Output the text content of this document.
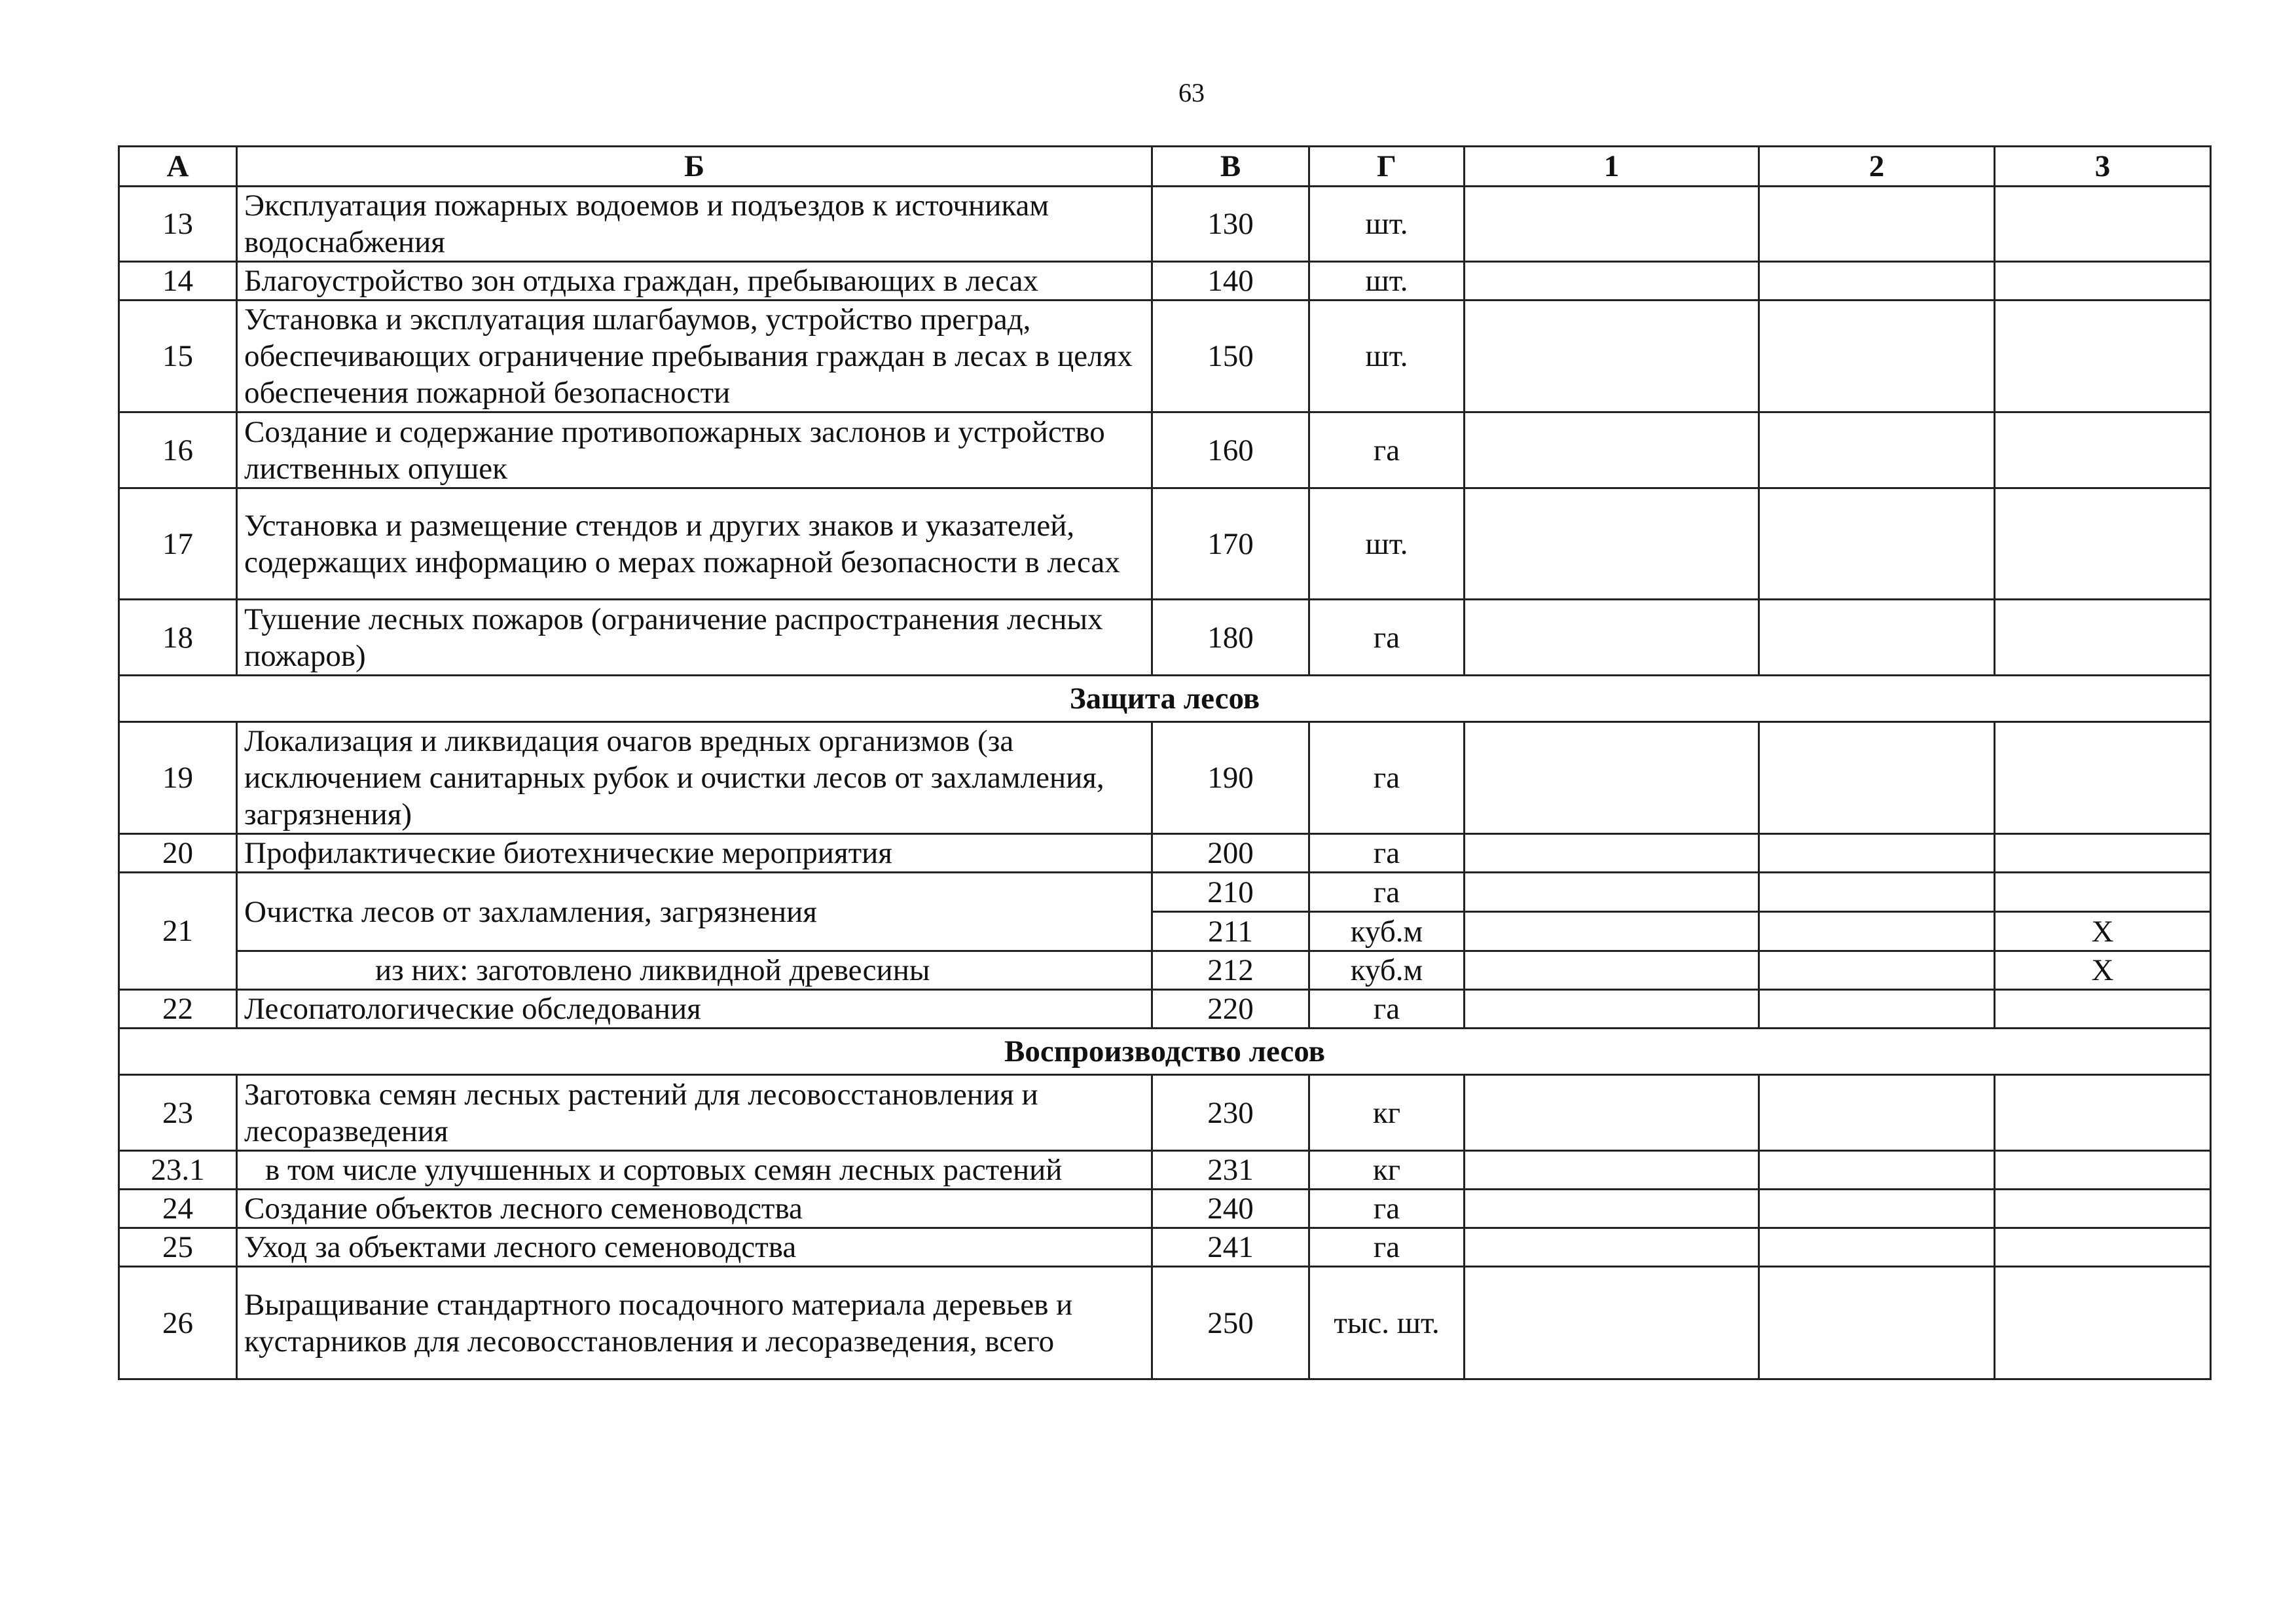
63
А	Б	В	Г	1	2	3
13	Эксплуатация пожарных водоемов и подъездов к источникам водоснабжения	130	шт.			
14	Благоустройство зон отдыха граждан, пребывающих в лесах	140	шт.			
15	Установка и эксплуатация шлагбаумов, устройство преград, обеспечивающих ограничение пребывания граждан в лесах в целях обеспечения пожарной безопасности	150	шт.			
16	Создание и содержание противопожарных заслонов и устройство лиственных опушек	160	га			
17	Установка и размещение стендов и других знаков и указателей, содержащих информацию о мерах пожарной безопасности в лесах	170	шт.			
18	Тушение лесных пожаров (ограничение распространения лесных пожаров)	180	га			
Защита лесов						
19	Локализация и ликвидация очагов вредных организмов (за исключением санитарных рубок и очистки лесов от захламления, загрязнения)	190	га			
20	Профилактические биотехнические мероприятия	200	га			
21	Очистка лесов от захламления, загрязнения	210	га			
		211	куб.м			Х
	из них: заготовлено ликвидной древесины	212	куб.м			Х
22	Лесопатологические обследования	220	га			
Воспроизводство лесов						
23	Заготовка семян лесных растений для лесовосстановления и лесоразведения	230	кг			
23.1	в том числе улучшенных и сортовых семян лесных растений	231	кг			
24	Создание объектов лесного семеноводства	240	га			
25	Уход за объектами лесного семеноводства	241	га			
26	Выращивание стандартного посадочного материала деревьев и кустарников для лесовосстановления и лесоразведения, всего	250	тыс. шт.			
